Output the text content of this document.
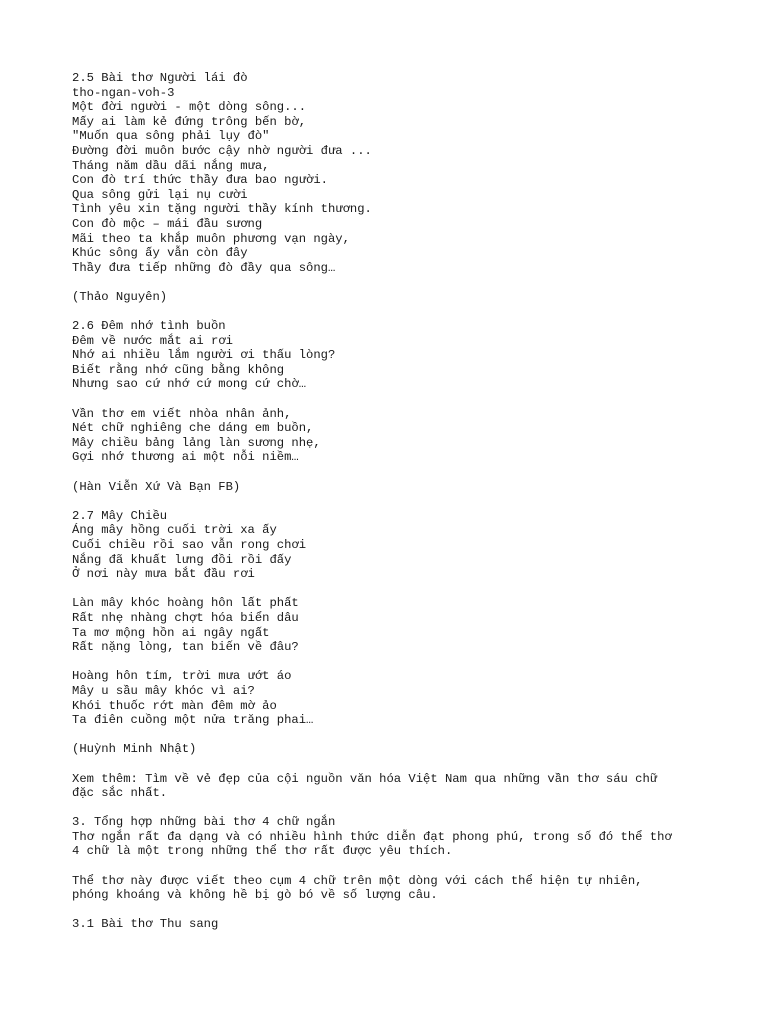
2.5 Bài thơ Người lái đò
tho-ngan-voh-3
Một đời người - một dòng sông...
Mấy ai làm kẻ đứng trông bến bờ,
"Muốn qua sông phải lụy đò"
Đường đời muôn bước cậy nhờ người đưa ...
Tháng năm dầu dãi nắng mưa,
Con đò trí thức thầy đưa bao người.
Qua sông gửi lại nụ cười
Tình yêu xin tặng người thầy kính thương.
Con đò mộc – mái đầu sương
Mãi theo ta khắp muôn phương vạn ngày,
Khúc sông ấy vẫn còn đây
Thầy đưa tiếp những đò đầy qua sông…
(Thảo Nguyên)
2.6 Đêm nhớ tình buồn
Đêm về nước mắt ai rơi
Nhớ ai nhiều lắm người ơi thấu lòng?
Biết rằng nhớ cũng bằng không
Nhưng sao cứ nhớ cứ mong cứ chờ…
Vần thơ em viết nhòa nhân ảnh,
Nét chữ nghiêng che dáng em buồn,
Mây chiều bảng lảng làn sương nhẹ,
Gợi nhớ thương ai một nỗi niềm…
(Hàn Viễn Xứ Và Bạn FB)
2.7 Mây Chiều
Áng mây hồng cuối trời xa ấy
Cuối chiều rồi sao vẫn rong chơi
Nắng đã khuất lưng đồi rồi đấy
Ở nơi này mưa bắt đầu rơi
Làn mây khóc hoàng hôn lất phất
Rất nhẹ nhàng chợt hóa biển dâu
Ta mơ mộng hồn ai ngây ngất
Rất nặng lòng, tan biến về đâu?
Hoàng hôn tím, trời mưa ướt áo
Mây u sầu mây khóc vì ai?
Khói thuốc rớt màn đêm mờ ảo
Ta điên cuồng một nửa trăng phai…
(Huỳnh Minh Nhật)
Xem thêm: Tìm về vẻ đẹp của cội nguồn văn hóa Việt Nam qua những vần thơ sáu chữ
đặc sắc nhất.
3. Tổng hợp những bài thơ 4 chữ ngắn
Thơ ngắn rất đa dạng và có nhiều hình thức diễn đạt phong phú, trong số đó thể thơ
4 chữ là một trong những thể thơ rất được yêu thích.
Thể thơ này được viết theo cụm 4 chữ trên một dòng với cách thể hiện tự nhiên,
phóng khoáng và không hề bị gò bó về số lượng câu.
3.1 Bài thơ Thu sang
